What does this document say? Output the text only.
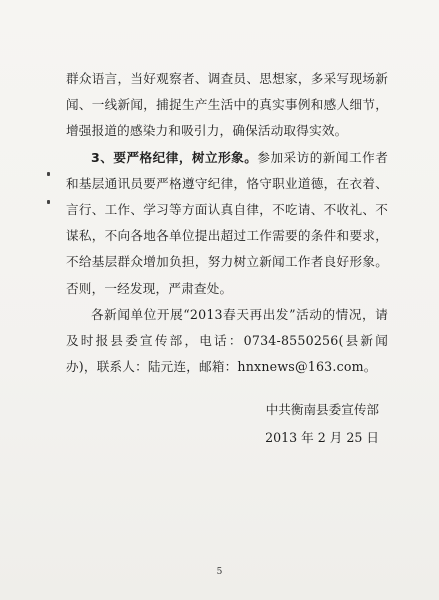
群众语言，当好观察者、调查员、思想家，多采写现场新闻、一线新闻，捕捉生产生活中的真实事例和感人细节，增强报道的感染力和吸引力，确保活动取得实效。

3、要严格纪律，树立形象。参加采访的新闻工作者和基层通讯员要严格遵守纪律，恪守职业道德，在衣着、言行、工作、学习等方面认真自律，不吃请、不收礼、不谋私，不向各地各单位提出超过工作需要的条件和要求，不给基层群众增加负担，努力树立新闻工作者良好形象。否则，一经发现，严肃查处。

各新闻单位开展“2013春天再出发”活动的情况，请及时报县委宣传部，电话：0734-8550256(县新闻办)，联系人：陆元连，邮箱：hnxnews@163.com。

中共衡南县委宣传部
2013 年 2 月 25 日
5
